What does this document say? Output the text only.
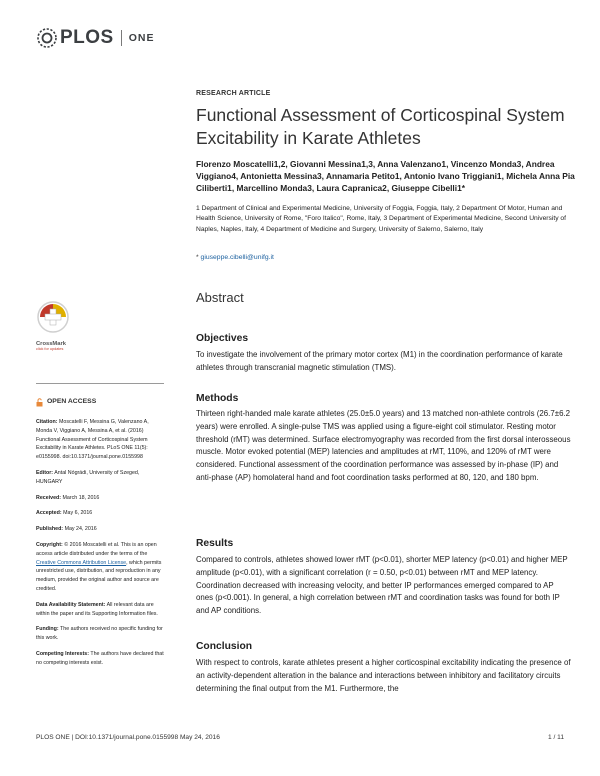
PLOS ONE
RESEARCH ARTICLE
Functional Assessment of Corticospinal System Excitability in Karate Athletes
Florenzo Moscatelli1,2, Giovanni Messina1,3, Anna Valenzano1, Vincenzo Monda3, Andrea Viggiano4, Antonietta Messina3, Annamaria Petito1, Antonio Ivano Triggiani1, Michela Anna Pia Ciliberti1, Marcellino Monda3, Laura Capranica2, Giuseppe Cibelli1*
1 Department of Clinical and Experimental Medicine, University of Foggia, Foggia, Italy, 2 Department Of Motor, Human and Health Science, University of Rome, "Foro Italico", Rome, Italy, 3 Department of Experimental Medicine, Second University of Naples, Naples, Italy, 4 Department of Medicine and Surgery, University of Salerno, Salerno, Italy
* giuseppe.cibelli@unifg.it
CrossMark
click for updates
Abstract
Objectives
To investigate the involvement of the primary motor cortex (M1) in the coordination performance of karate athletes through transcranial magnetic stimulation (TMS).
Methods
Thirteen right-handed male karate athletes (25.0±5.0 years) and 13 matched non-athlete controls (26.7±6.2 years) were enrolled. A single-pulse TMS was applied using a figure-eight coil stimulator. Resting motor threshold (rMT) was determined. Surface electromyography was recorded from the first dorsal interosseous muscle. Motor evoked potential (MEP) latencies and amplitudes at rMT, 110%, and 120% of rMT were considered. Functional assessment of the coordination performance was assessed by in-phase (IP) and anti-phase (AP) homolateral hand and foot coordination tasks performed at 80, 120, and 180 bpm.
Results
Compared to controls, athletes showed lower rMT (p<0.01), shorter MEP latency (p<0.01) and higher MEP amplitude (p<0.01), with a significant correlation (r = 0.50, p<0.01) between rMT and MEP latency. Coordination decreased with increasing velocity, and better IP performances emerged compared to AP ones (p<0.001). In general, a high correlation between rMT and coordination tasks was found for both IP and AP conditions.
Conclusion
With respect to controls, karate athletes present a higher corticospinal excitability indicating the presence of an activity-dependent alteration in the balance and interactions between inhibitory and facilitatory circuits determining the final output from the M1. Furthermore, the
OPEN ACCESS
Citation: Moscatelli F, Messina G, Valenzano A, Monda V, Viggiano A, Messina A, et al. (2016) Functional Assessment of Corticospinal System Excitability in Karate Athletes. PLoS ONE 11(5): e0155998. doi:10.1371/journal.pone.0155998
Editor: Antal Nógrádi, University of Szeged, HUNGARY
Received: March 18, 2016
Accepted: May 6, 2016
Published: May 24, 2016
Copyright: © 2016 Moscatelli et al. This is an open access article distributed under the terms of the Creative Commons Attribution License, which permits unrestricted use, distribution, and reproduction in any medium, provided the original author and source are credited.
Data Availability Statement: All relevant data are within the paper and its Supporting Information files.
Funding: The authors received no specific funding for this work.
Competing Interests: The authors have declared that no competing interests exist.
PLOS ONE | DOI:10.1371/journal.pone.0155998 May 24, 2016	1 / 11
